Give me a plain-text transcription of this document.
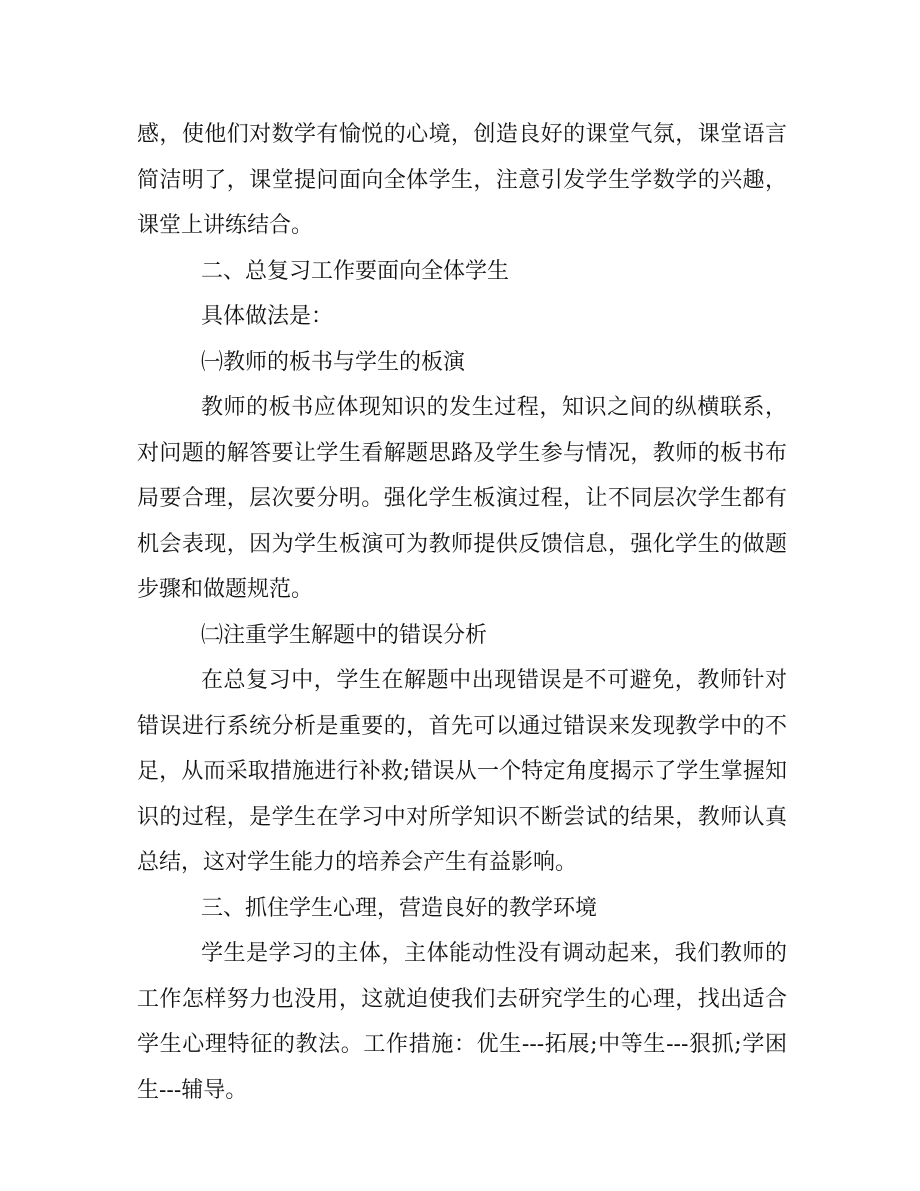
感，使他们对数学有愉悦的心境，创造良好的课堂气氛，课堂语言简洁明了，课堂提问面向全体学生，注意引发学生学数学的兴趣，课堂上讲练结合。

二、总复习工作要面向全体学生

具体做法是：

㈠教师的板书与学生的板演

教师的板书应体现知识的发生过程，知识之间的纵横联系，对问题的解答要让学生看解题思路及学生参与情况，教师的板书布局要合理，层次要分明。强化学生板演过程，让不同层次学生都有机会表现，因为学生板演可为教师提供反馈信息，强化学生的做题步骤和做题规范。

㈡注重学生解题中的错误分析

在总复习中，学生在解题中出现错误是不可避免，教师针对错误进行系统分析是重要的，首先可以通过错误来发现教学中的不足，从而采取措施进行补救;错误从一个特定角度揭示了学生掌握知识的过程，是学生在学习中对所学知识不断尝试的结果，教师认真总结，这对学生能力的培养会产生有益影响。

三、抓住学生心理，营造良好的教学环境

学生是学习的主体，主体能动性没有调动起来，我们教师的工作怎样努力也没用，这就迫使我们去研究学生的心理，找出适合学生心理特征的教法。工作措施：优生---拓展;中等生---狠抓;学困生---辅导。
